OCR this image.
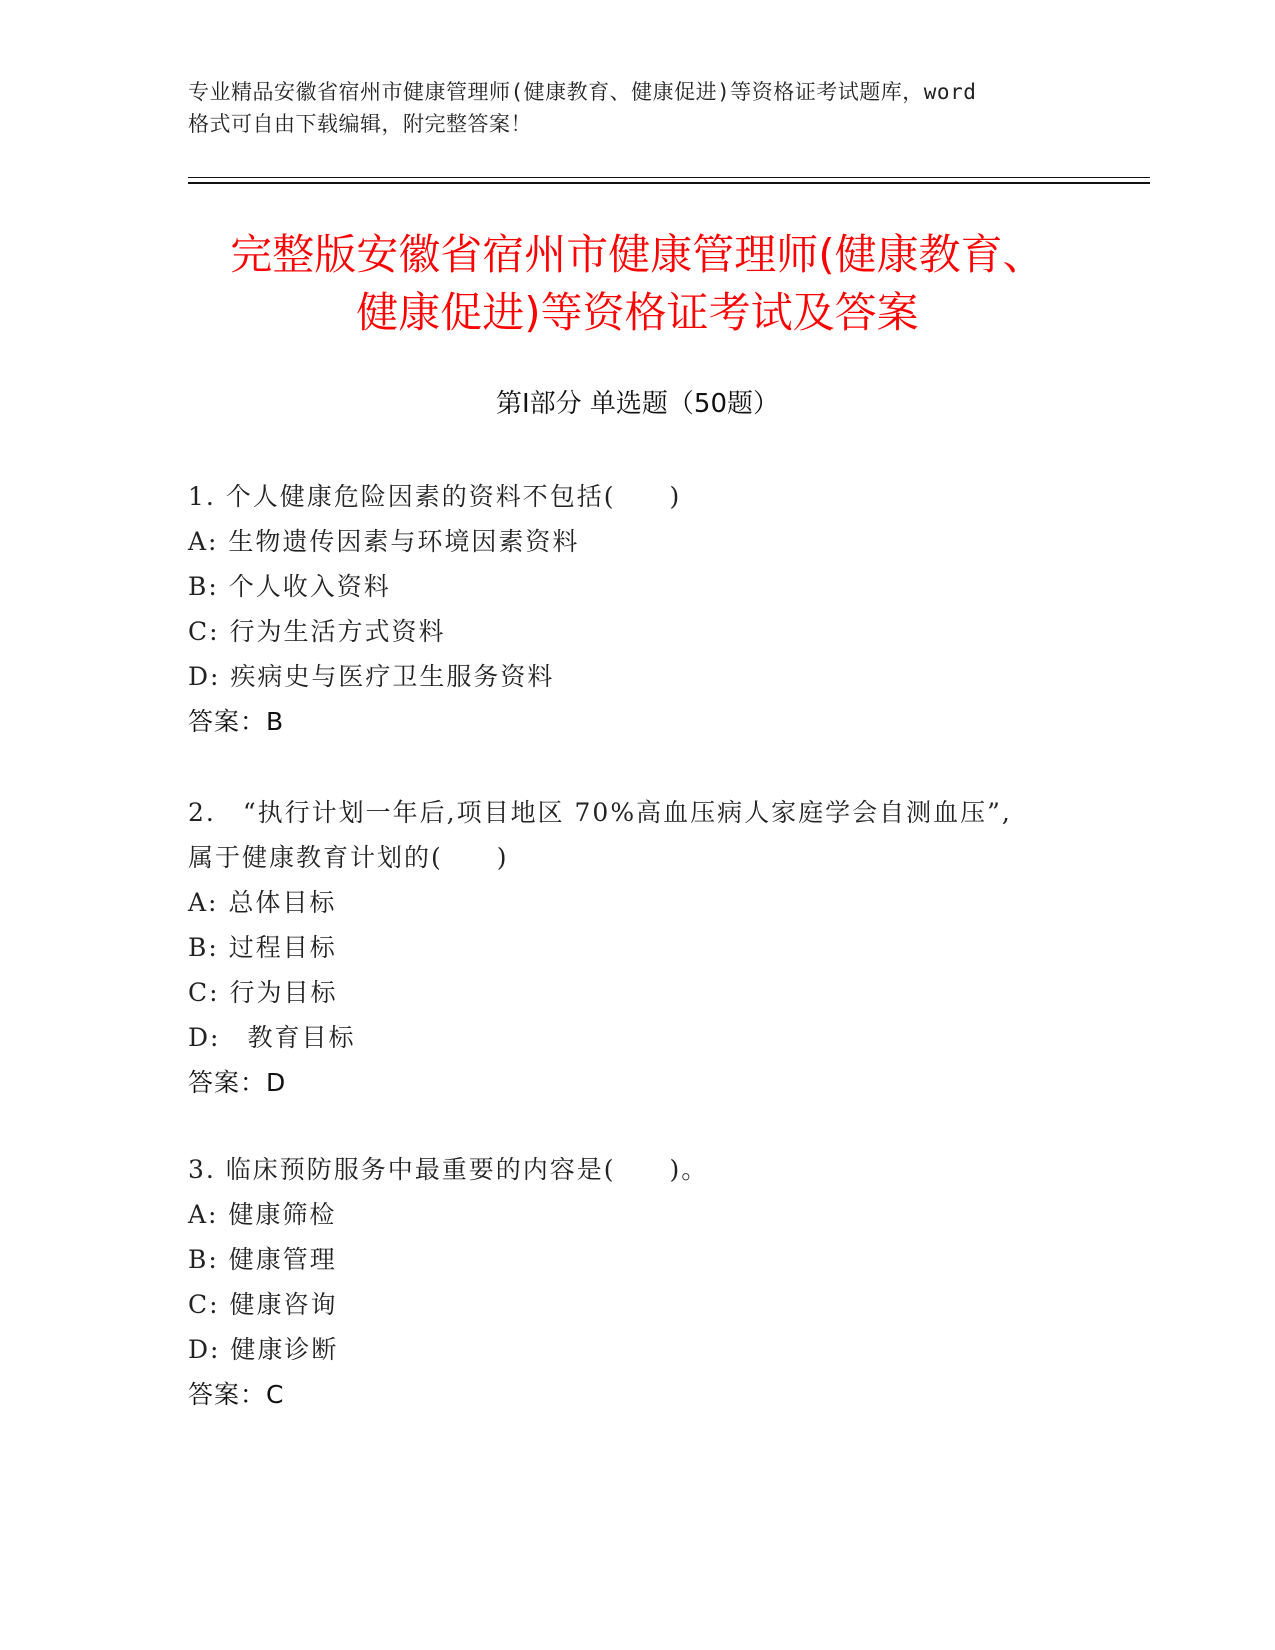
专业精品安徽省宿州市健康管理师(健康教育、健康促进)等资格证考试题库，word
格式可自由下载编辑，附完整答案！
完整版安徽省宿州市健康管理师(健康教育、
健康促进)等资格证考试及答案
第Ⅰ部分 单选题（50题）

1. 个人健康危险因素的资料不包括(　　)

A: 生物遗传因素与环境因素资料

B: 个人收入资料

C: 行为生活方式资料

D: 疾病史与医疗卫生服务资料

答案：B

2.　“执行计划一年后,项目地区 70%高血压病人家庭学会自测血压”,

属于健康教育计划的(　　)

A: 总体目标

B: 过程目标

C: 行为目标

D:　教育目标

答案：D

3. 临床预防服务中最重要的内容是(　　)。

A: 健康筛检

B: 健康管理

C: 健康咨询

D: 健康诊断

答案：C
